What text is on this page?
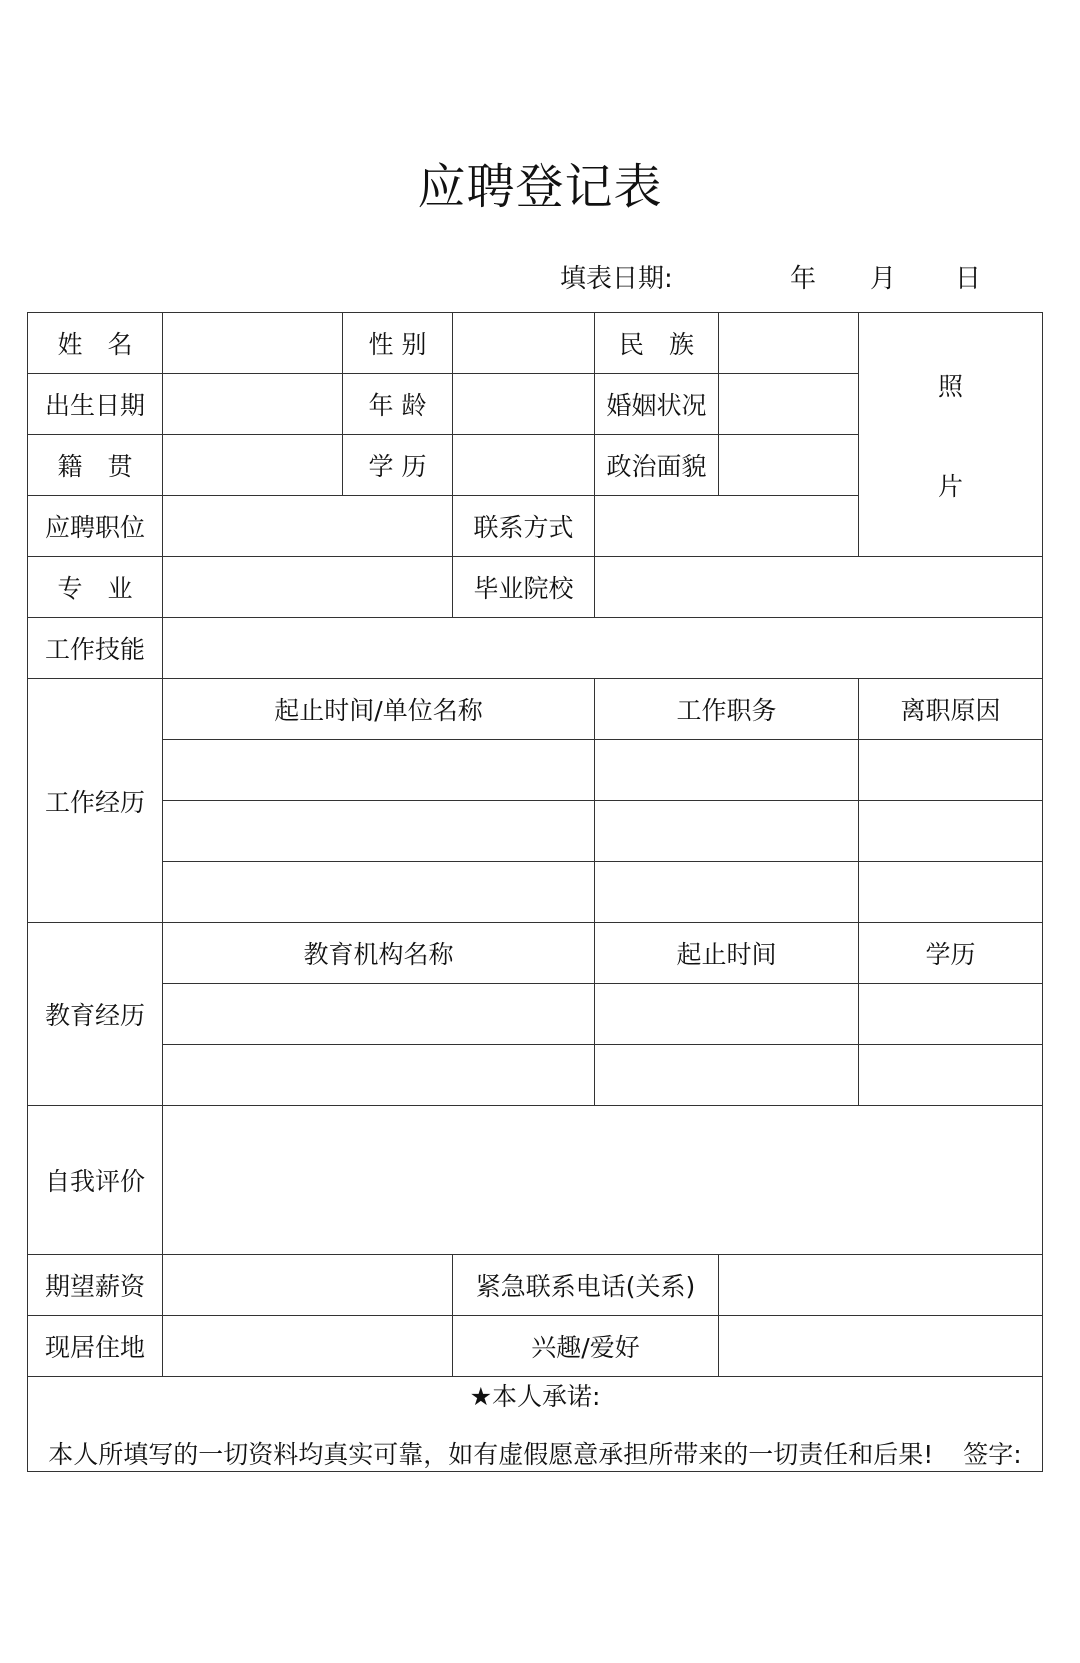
应聘登记表
填表日期:	年 月 日
姓　名		性 别		民　族		照
片

出生日期		年 龄		婚姻状况		
籍　贯		学 历		政治面貌		
应聘职位			联系方式			
专　业			毕业院校			
工作技能						
工作经历	起止时间/单位名称			工作职务		离职原因

教育经历	教育机构名称			起止时间		学历

自我评价						
期望薪资			紧急联系电话(关系)			
现居住地			兴趣/爱好			

★本人承诺:
本人所填写的一切资料均真实可靠，如有虚假愿意承担所带来的一切责任和后果! 签字:						
